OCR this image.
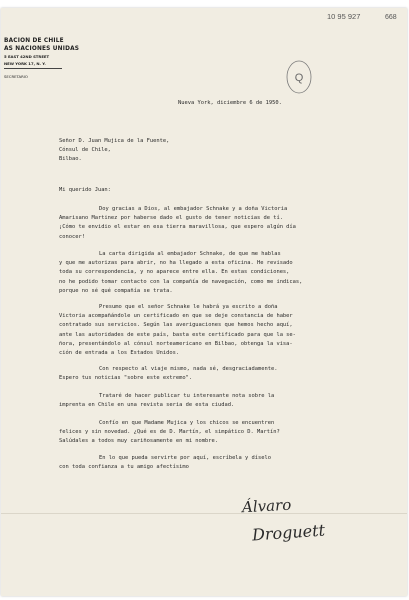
10 95 927	668
Q
BACION DE CHILE
AS NACIONES UNIDAS
5 EAST 42ND STREET
NEW YORK 17, N. Y.
SECRETARIO
Nueva York, diciembre 6 de 1950.
Señor D. Juan Mujica de la Fuente,
Cónsul de Chile,
Bilbao.
Mi querido Juan:
Doy gracias a Dios, al embajador Schnake y a doña Victoria
Amarisano Martinez por haberse dado el gusto de tener noticias de tí.
¡Cómo te envidio el estar en esa tierra maravillosa, que espero algún día
conocer!
La carta dirigida al embajador Schnake, de que me hablas
y que me autorizas para abrir, no ha llegado a esta oficina. He revisado
toda su correspondencia, y no aparece entre ella. En estas condiciones,
no he podido tomar contacto con la compañía de navegación, como me indicas,
porque no sé qué compañía se trata.
Presumo que el señor Schnake le habrá ya escrito a doña
Victoria acompañándole un certificado en que se deje constancia de haber
contratado sus servicios. Según las averiguaciones que hemos hecho aquí,
ante las autoridades de este país, basta este certificado para que la se-
ñora, presentándolo al cónsul norteamericano en Bilbao, obtenga la visa-
ción de entrada a los Estados Unidos.
Con respecto al viaje mismo, nada sé, desgraciadamente.
Espero tus noticias "sobre este extremo".
Trataré de hacer publicar tu interesante nota sobre la
imprenta en Chile en una revista seria de esta ciudad.
Confío en que Madame Mujica y los chicos se encuentren
felices y sin novedad. ¿Qué es de D. Martín, el simpático D. Martín?
Salúdales a todos muy cariñosamente en mi nombre.
En lo que pueda servirte por aquí, escríbela y díselo
con toda confianza a tu amigo afectísimo
Álvaro
Droguett
